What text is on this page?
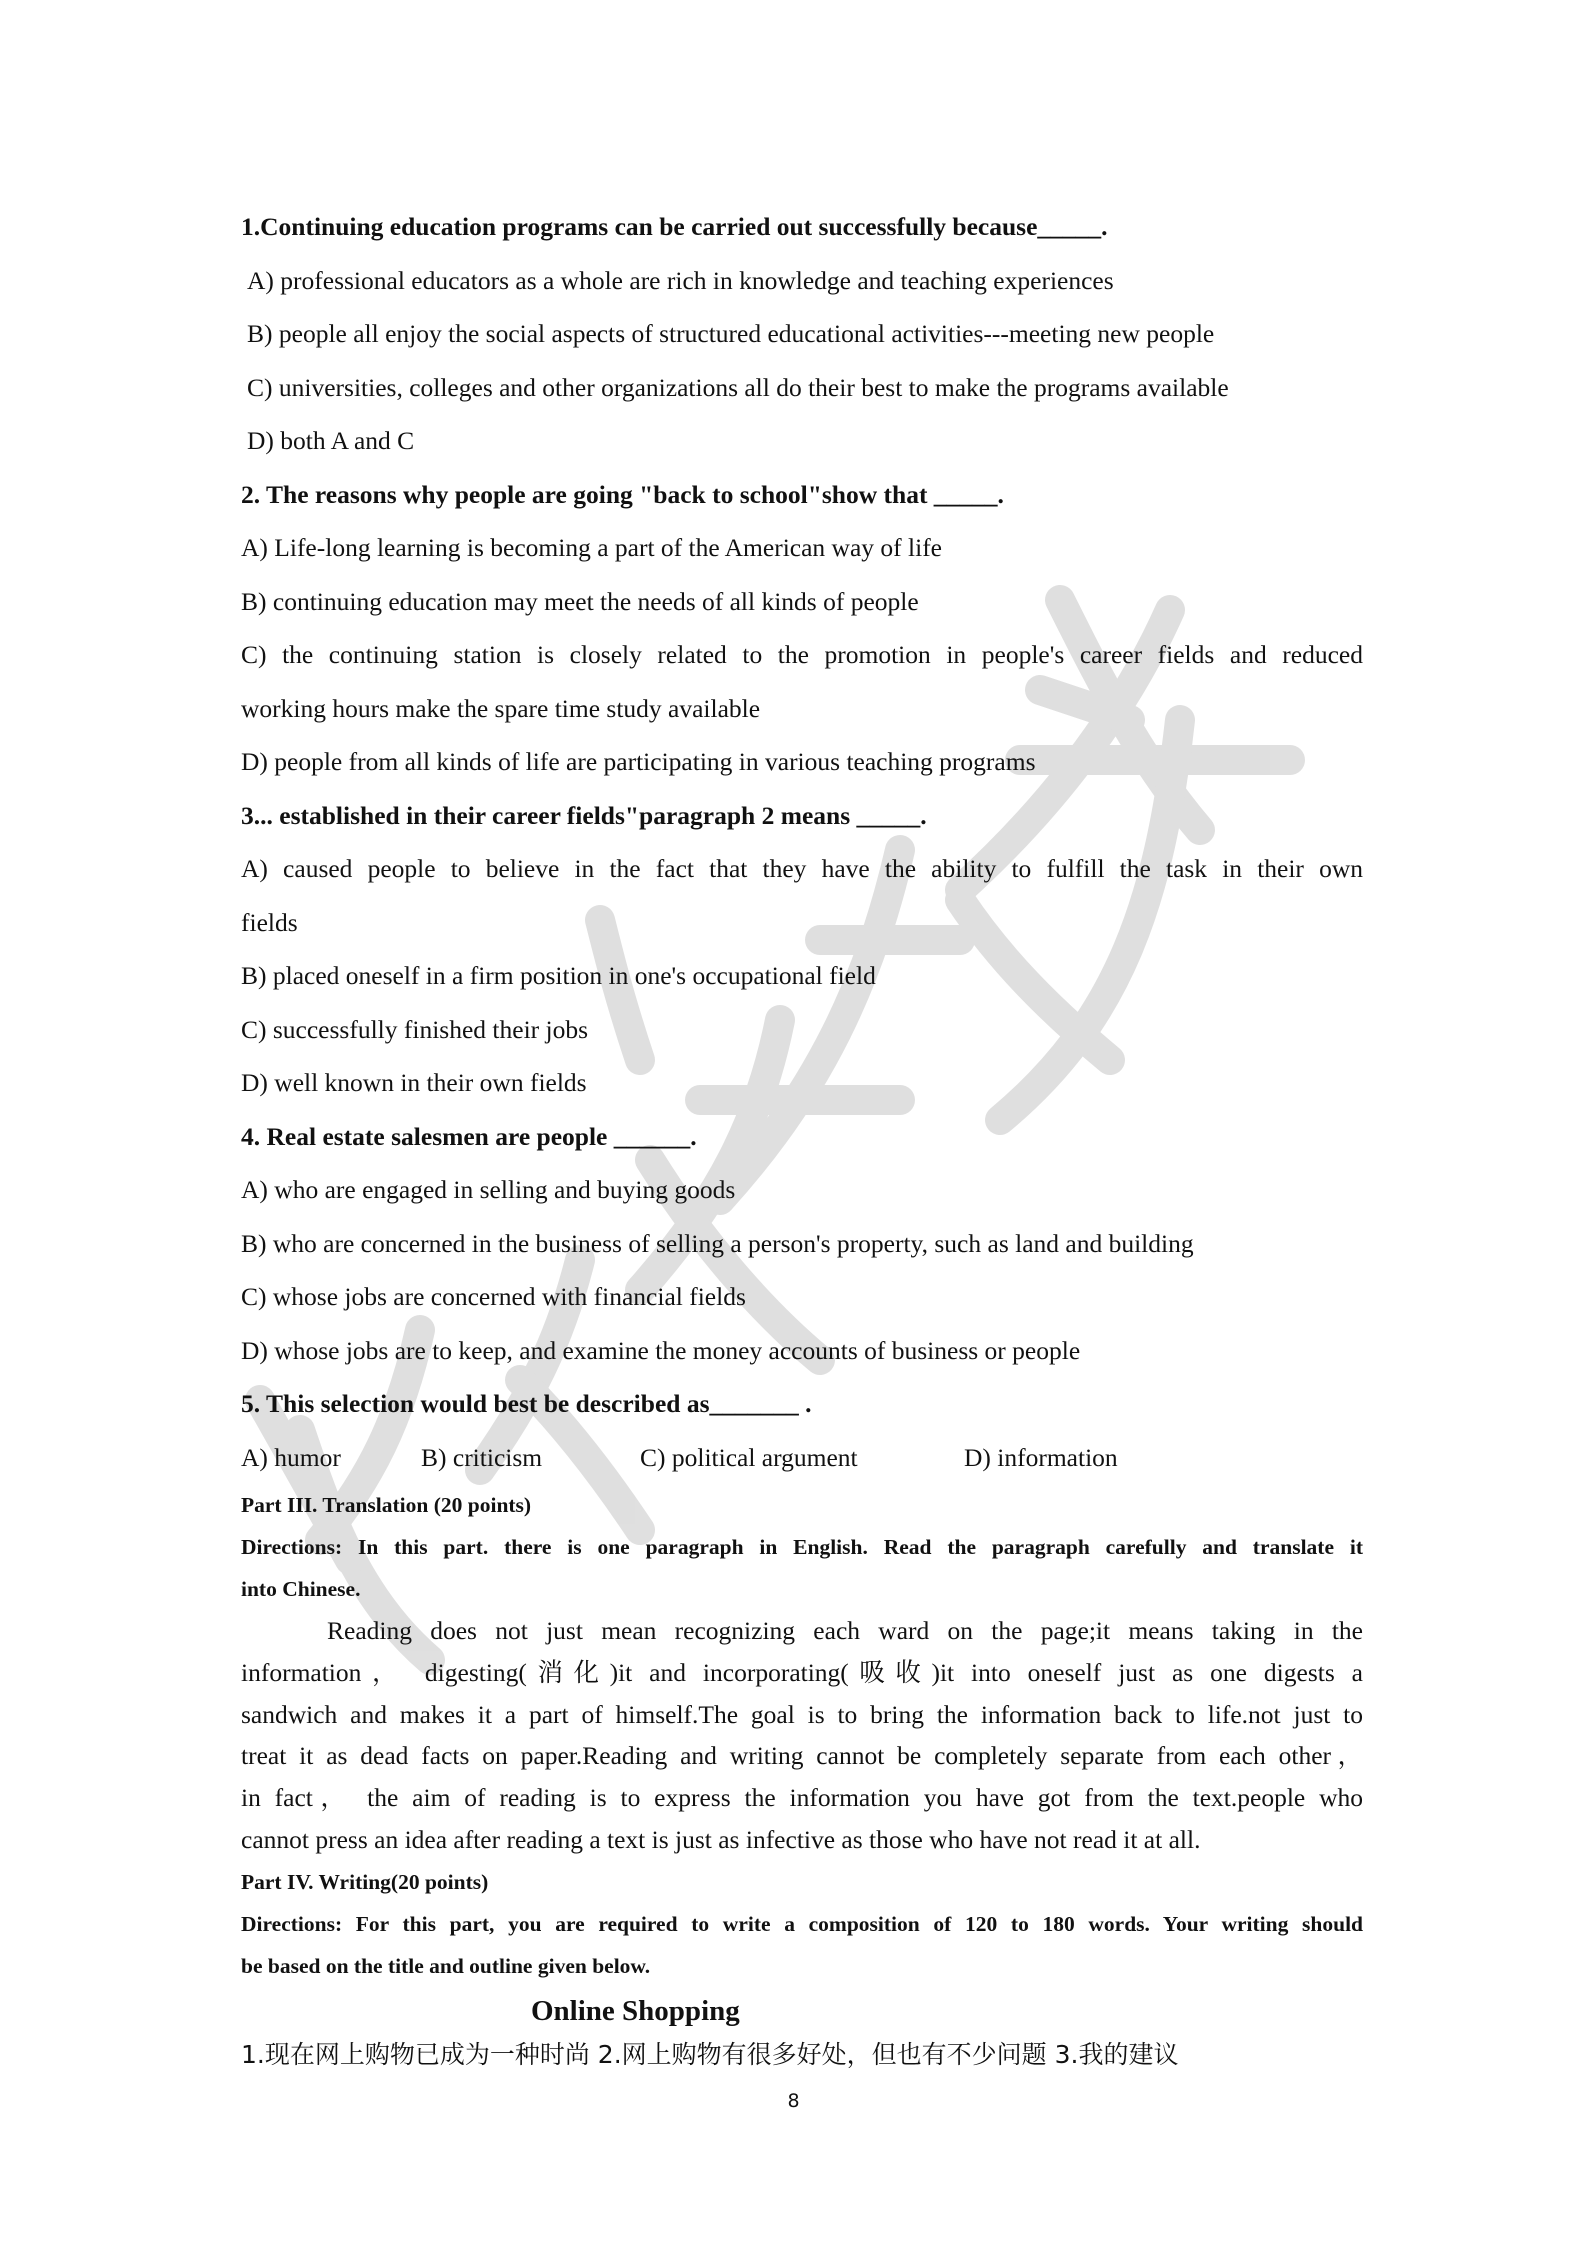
1.Continuing education programs can be carried out successfully because_____.
A) professional educators as a whole are rich in knowledge and teaching experiences
B) people all enjoy the social aspects of structured educational activities---meeting new people
C) universities, colleges and other organizations all do their best to make the programs available
D) both A and C
2. The reasons why people are going "back to school"show that _____.
A) Life-long learning is becoming a part of the American way of life
B) continuing education may meet the needs of all kinds of people
C) the continuing station is closely related to the promotion in people's career fields and reduced
working hours make the spare time study available
D) people from all kinds of life are participating in various teaching programs
3... established in their career fields"paragraph 2 means _____.
A) caused people to believe in the fact that they have the ability to fulfill the task in their own
fields
B) placed oneself in a firm position in one's occupational field
C) successfully finished their jobs
D) well known in their own fields
4. Real estate salesmen are people ______.
A) who are engaged in selling and buying goods
B) who are concerned in the business of selling a person's property, such as land and building
C) whose jobs are concerned with financial fields
D) whose jobs are to keep, and examine the money accounts of business or people
5. This selection would best be described as_______ .
A) humor	B) criticism	C) political argument	D) information
Part III. Translation (20 points)
Directions: In this part. there is one paragraph in English. Read the paragraph carefully and translate it
into Chinese.
Reading does not just mean recognizing each ward on the page;it means taking in the
information， digesting(消化)it and incorporating(吸收)it into oneself just as one digests a
sandwich and makes it a part of himself.The goal is to bring the information back to life.not just to
treat it as dead facts on paper.Reading and writing cannot be completely separate from each other，
in fact， the aim of reading is to express the information you have got from the text.people who
cannot press an idea after reading a text is just as infective as those who have not read it at all.
Part IV. Writing(20 points)
Directions: For this part, you are required to write a composition of 120 to 180 words. Your writing should
be based on the title and outline given below.
Online Shopping
1.现在网上购物已成为一种时尚 2.网上购物有很多好处，但也有不少问题 3.我的建议
8
